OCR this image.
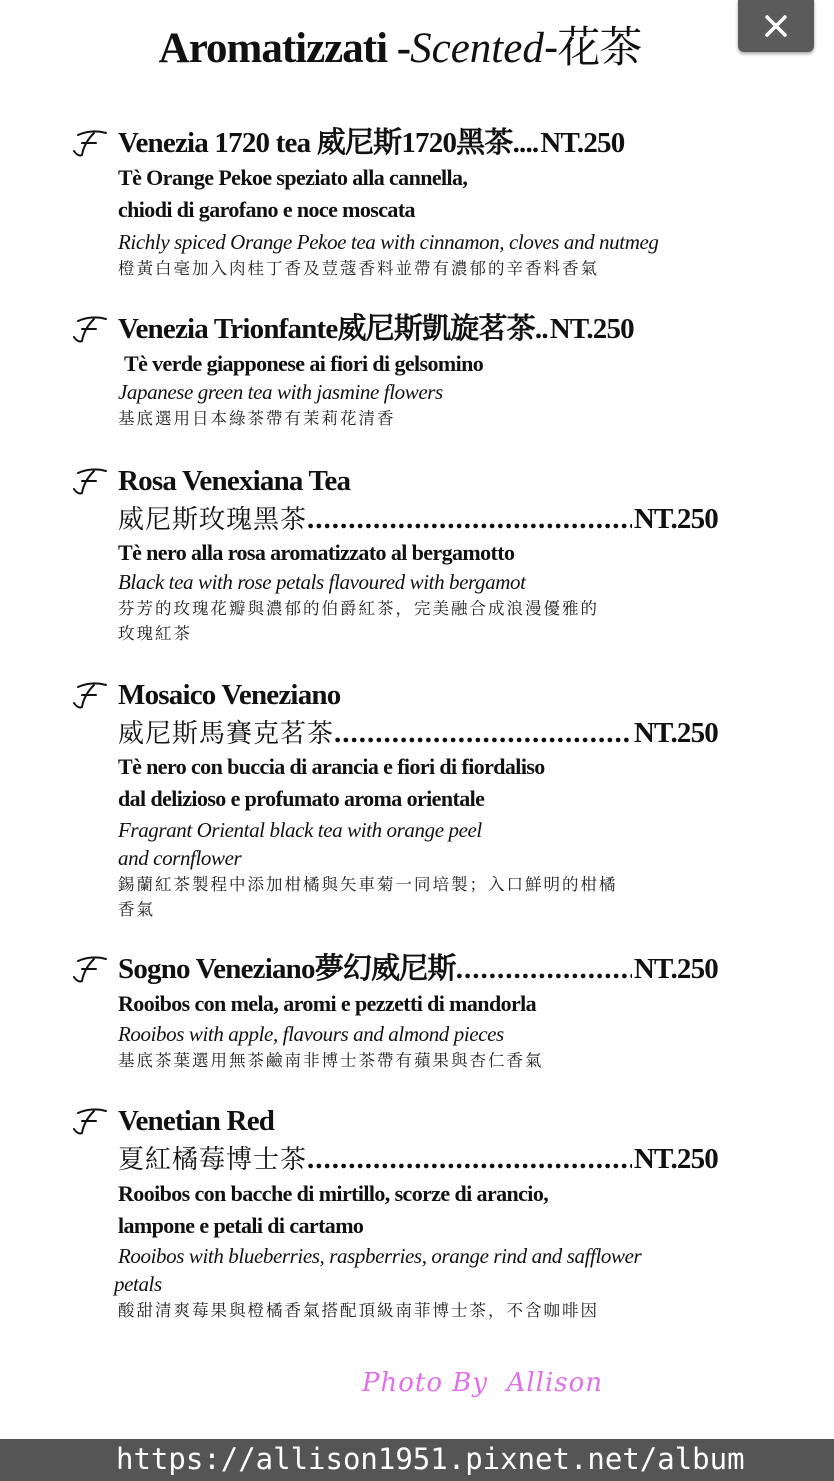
Aromatizzati -Scented-花茶
Venezia 1720 tea 威尼斯1720黑茶 .... NT.250
Tè Orange Pekoe speziato alla cannella,
chiodi di garofano e noce moscata
Richly spiced Orange Pekoe tea with cinnamon, cloves and nutmeg
橙黃白毫加入肉桂丁香及荳蔻香料並帶有濃郁的辛香料香氣
Venezia Trionfante威尼斯凱旋茗茶 .. NT.250
Tè verde giapponese ai fiori di gelsomino
Japanese green tea with jasmine flowers
基底選用日本綠茶帶有茉莉花清香
Rosa Venexiana Tea
威尼斯玫瑰黑茶 .....	NT.250
Tè nero alla rosa aromatizzato al bergamotto
Black tea with rose petals flavoured with bergamot
芬芳的玫瑰花瓣與濃郁的伯爵紅茶，完美融合成浪漫優雅的
玫瑰紅茶
Mosaico Veneziano
威尼斯馬賽克茗茶 .....	NT.250
Tè nero con buccia di arancia e fiori di fiordaliso
dal delizioso e profumato aroma orientale
Fragrant Oriental black tea with orange peel
and cornflower
錫蘭紅茶製程中添加柑橘與矢車菊一同培製；入口鮮明的柑橘
香氣
Sogno Veneziano夢幻威尼斯 .....	NT.250
Rooibos con mela, aromi e pezzetti di mandorla
Rooibos with apple, flavours and almond pieces
基底茶葉選用無茶鹼南非博士茶帶有蘋果與杏仁香氣
Venetian Red
夏紅橘莓博士茶 .....	NT.250
Rooibos con bacche di mirtillo, scorze di arancio,
lampone e petali di cartamo
Rooibos with blueberries, raspberries, orange rind and safflower
petals
酸甜清爽莓果與橙橘香氣搭配頂級南菲博士茶，不含咖啡因
Photo By  Allison
https://allison1951.pixnet.net/album
